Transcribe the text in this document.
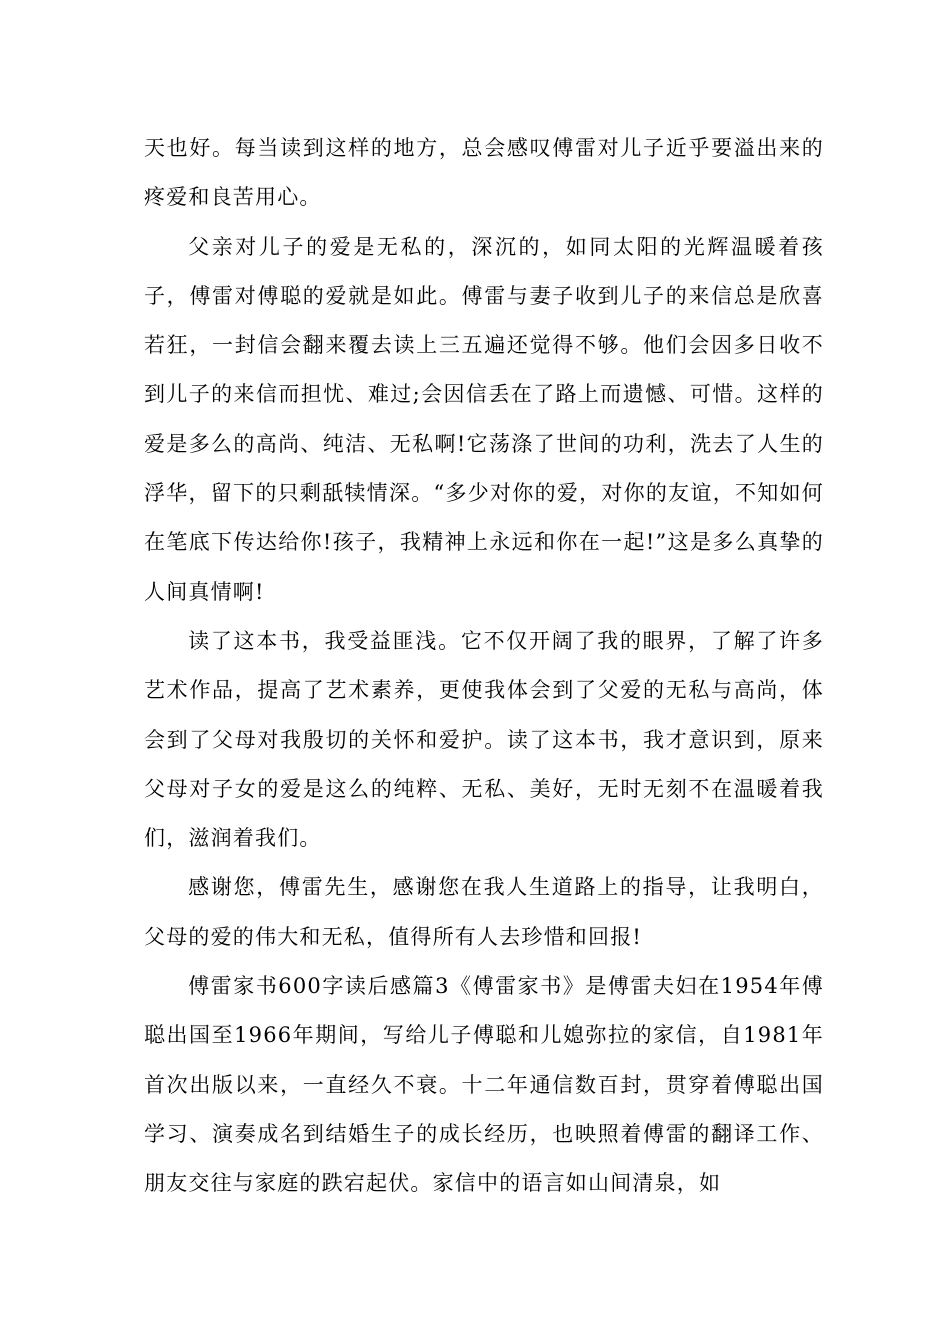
天也好。每当读到这样的地方，总会感叹傅雷对儿子近乎要溢出来的疼爱和良苦用心。

父亲对儿子的爱是无私的，深沉的，如同太阳的光辉温暖着孩子，傅雷对傅聪的爱就是如此。傅雷与妻子收到儿子的来信总是欣喜若狂，一封信会翻来覆去读上三五遍还觉得不够。他们会因多日收不到儿子的来信而担忧、难过;会因信丢在了路上而遗憾、可惜。这样的爱是多么的高尚、纯洁、无私啊!它荡涤了世间的功利，洗去了人生的浮华，留下的只剩舐犊情深。“多少对你的爱，对你的友谊，不知如何在笔底下传达给你!孩子，我精神上永远和你在一起!”这是多么真挚的人间真情啊!

读了这本书，我受益匪浅。它不仅开阔了我的眼界，了解了许多艺术作品，提高了艺术素养，更使我体会到了父爱的无私与高尚，体会到了父母对我殷切的关怀和爱护。读了这本书，我才意识到，原来父母对子女的爱是这么的纯粹、无私、美好，无时无刻不在温暖着我们，滋润着我们。

感谢您，傅雷先生，感谢您在我人生道路上的指导，让我明白，父母的爱的伟大和无私，值得所有人去珍惜和回报!

傅雷家书600字读后感篇3《傅雷家书》是傅雷夫妇在1954年傅聪出国至1966年期间，写给儿子傅聪和儿媳弥拉的家信，自1981年首次出版以来，一直经久不衰。十二年通信数百封，贯穿着傅聪出国学习、演奏成名到结婚生子的成长经历，也映照着傅雷的翻译工作、朋友交往与家庭的跌宕起伏。家信中的语言如山间清泉，如
